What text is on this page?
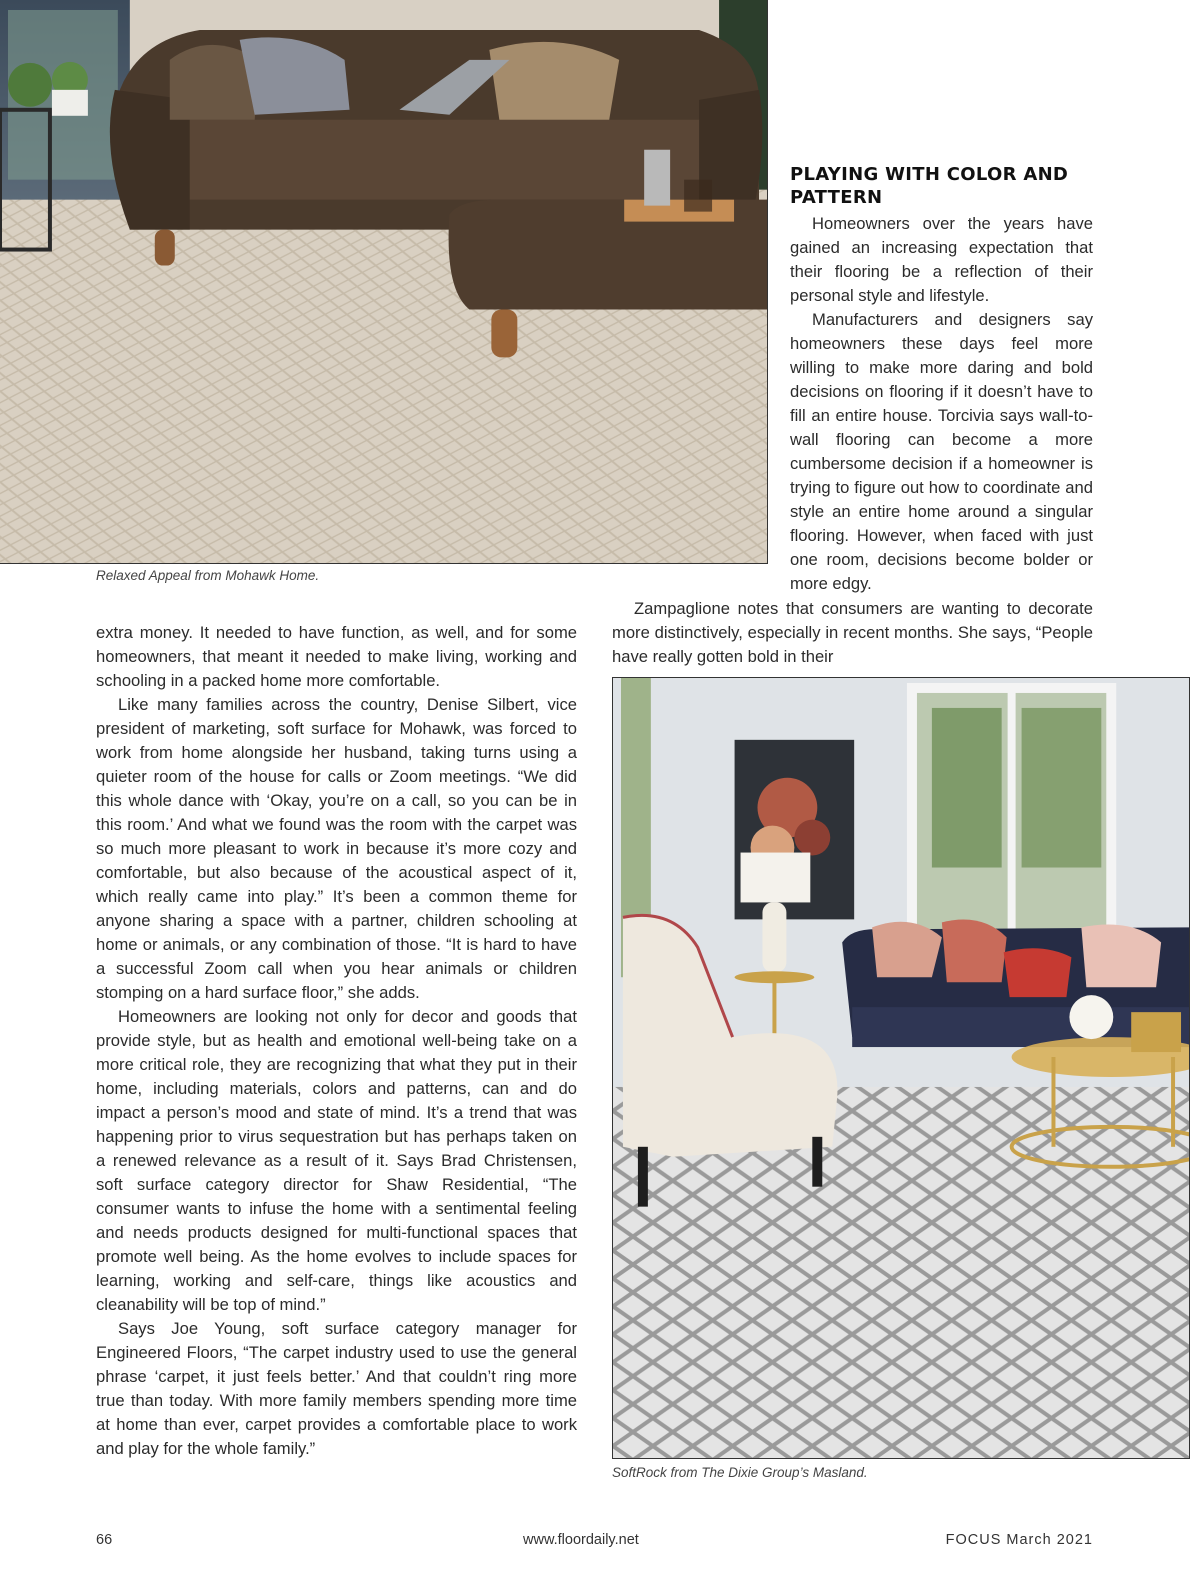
Relaxed Appeal from Mohawk Home.
PLAYING WITH COLOR AND PATTERN

Homeowners over the years have gained an increasing expectation that their flooring be a reflection of their personal style and lifestyle.

Manufacturers and designers say homeowners these days feel more willing to make more daring and bold decisions on flooring if it doesn’t have to fill an entire house. Torcivia says wall-to-wall flooring can become a more cumbersome decision if a homeowner is trying to figure out how to coordinate and style an entire home around a singular flooring. However, when faced with just one room, decisions become bolder or more edgy.

Zampaglione notes that consumers are wanting to decorate more distinctively, especially in recent months. She says, “People have really gotten bold in their

extra money. It needed to have function, as well, and for some homeowners, that meant it needed to make living, working and schooling in a packed home more comfortable.

Like many families across the country, Denise Silbert, vice president of marketing, soft surface for Mohawk, was forced to work from home alongside her husband, taking turns using a quieter room of the house for calls or Zoom meetings. “We did this whole dance with ‘Okay, you’re on a call, so you can be in this room.’ And what we found was the room with the carpet was so much more pleasant to work in because it’s more cozy and comfortable, but also because of the acoustical aspect of it, which really came into play.” It’s been a common theme for anyone sharing a space with a partner, children schooling at home or animals, or any combination of those. “It is hard to have a successful Zoom call when you hear animals or children stomping on a hard surface floor,” she adds.

Homeowners are looking not only for decor and goods that provide style, but as health and emotional well-being take on a more critical role, they are recognizing that what they put in their home, including materials, colors and patterns, can and do impact a person’s mood and state of mind. It’s a trend that was happening prior to virus sequestration but has perhaps taken on a renewed relevance as a result of it. Says Brad Christensen, soft surface category director for Shaw Residential, “The consumer wants to infuse the home with a sentimental feeling and needs products designed for multi-functional spaces that promote well being. As the home evolves to include spaces for learning, working and self-care, things like acoustics and cleanability will be top of mind.”

Says Joe Young, soft surface category manager for Engineered Floors, “The carpet industry used to use the general phrase ‘carpet, it just feels better.’ And that couldn’t ring more true than today. With more family members spending more time at home than ever, carpet provides a comfortable place to work and play for the whole family.”

SoftRock from The Dixie Group’s Masland.
66	www.floordaily.net	FOCUS March 2021
